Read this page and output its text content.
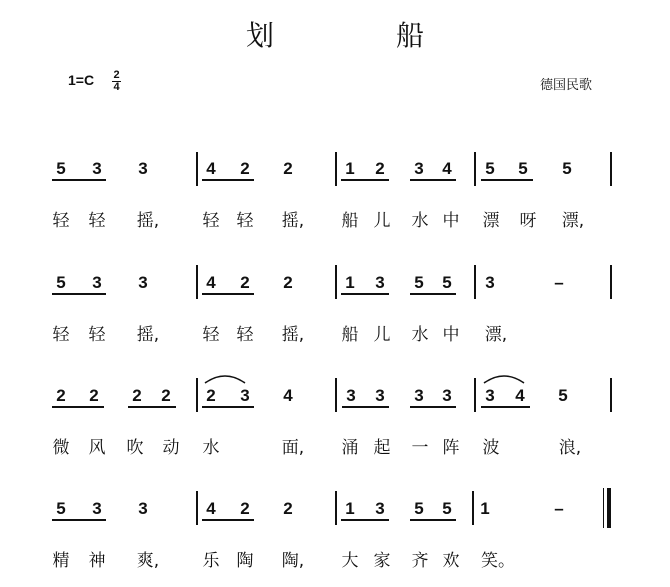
划	船
$1=C \frac{2}{4}$	德国民歌
5 3 3	4 2 2	1 2 3 4 5 5 5
轻 轻 摇,	轻 轻 摇, 船 儿 水 中 漂 呀 漂,
5 3 3	4 2 2	1 3 5 5 3	–
轻 轻 摇,	轻 轻 摇, 船 儿 水 中 漂,
2 2 2 2 2 3 4	3 3 3 3 3 4 5
微 风 吹 动 水	面, 涌 起 一 阵 波	浪,
5 3 3	4 2 2	1 3 5 5 1	–
精 神 爽,	乐 陶 陶, 大 家 齐 欢 笑。
